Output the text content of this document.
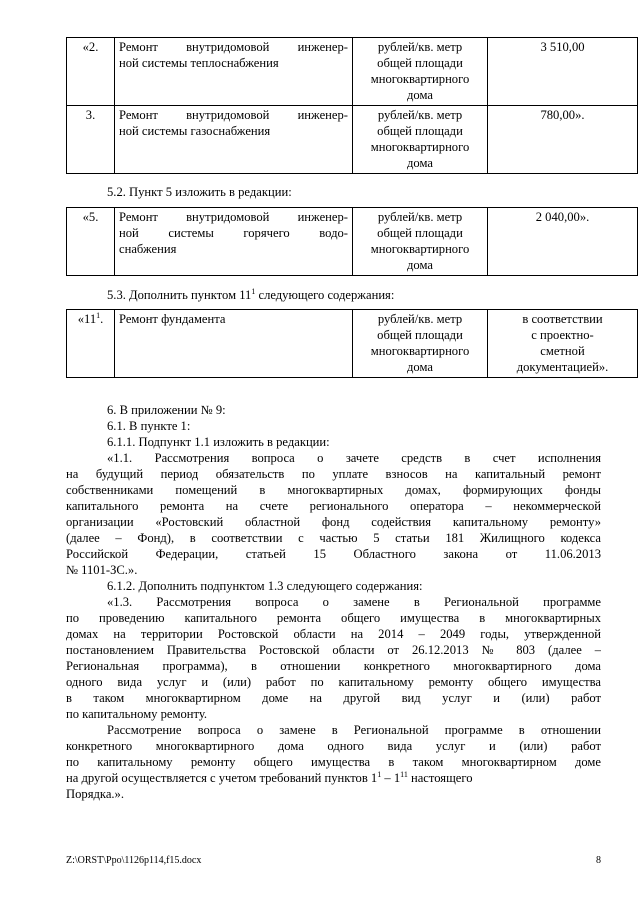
«2.	Ремонт внутридомовой инженер-
ной системы теплоснабжения	рублей/кв. метр
общей площади
многоквартирного
дома	3 510,00
3.	Ремонт внутридомовой инженер-
ной системы газоснабжения	рублей/кв. метр
общей площади
многоквартирного
дома	780,00».
5.2. Пункт 5 изложить в редакции:
«5.	Ремонт внутридомовой инженер-
ной системы горячего водо-
снабжения

рублей/кв. метр
общей площади
многоквартирного
дома
	2 040,00».
5.3. Дополнить пунктом $11^1$ следующего содержания:
«$11^1$.	Ремонт фундамента	рублей/кв. метр
общей площади
многоквартирного
дома

в соответствии
с проектно-
сметной
документацией».
6. В приложении № 9:
6.1. В пункте 1:
6.1.1. Подпункт 1.1 изложить в редакции:
«1.1. Рассмотрения вопроса о зачете средств в счет исполнения
на будущий период обязательств по уплате взносов на капитальный ремонт
собственниками помещений в многоквартирных домах, формирующих фонды
капитального ремонта на счете регионального оператора – некоммерческой
организации «Ростовский областной фонд содействия капитальному ремонту»
(далее – Фонд), в соответствии с частью 5 статьи 181 Жилищного кодекса
Российской Федерации, статьей 15 Областного закона от 11.06.2013
№ 1101-ЗС.».
6.1.2. Дополнить подпунктом 1.3 следующего содержания:
«1.3. Рассмотрения вопроса о замене в Региональной программе
по проведению капитального ремонта общего имущества в многоквартирных
домах на территории Ростовской области на 2014 – 2049 годы, утвержденной
постановлением Правительства Ростовской области от 26.12.2013 № 803 (далее –
Региональная программа), в отношении конкретного многоквартирного дома
одного вида услуг и (или) работ по капитальному ремонту общего имущества
в таком многоквартирном доме на другой вид услуг и (или) работ
по капитальному ремонту.
Рассмотрение вопроса о замене в Региональной программе в отношении
конкретного многоквартирного дома одного вида услуг и (или) работ
по капитальному ремонту общего имущества в таком многоквартирном доме
на другой осуществляется с учетом требований пунктов $1^1 - 1^{11}$ настоящего
Порядка.».
Z:\ORST\Ppo\1126p114,f15.docx	8
